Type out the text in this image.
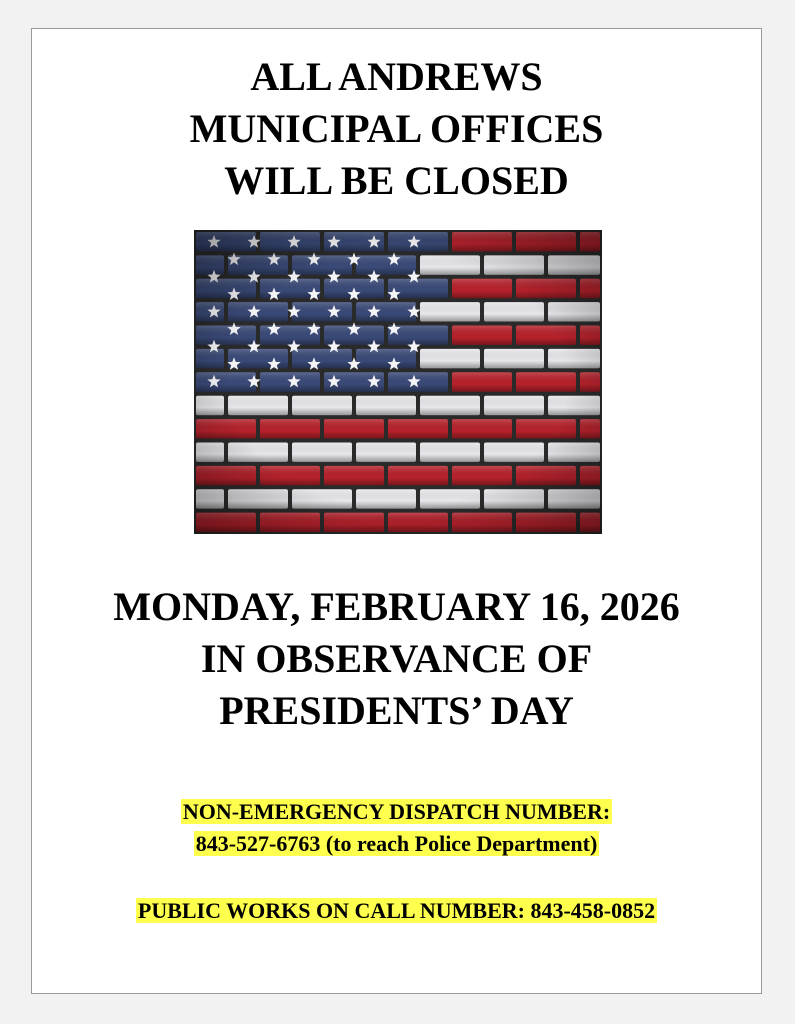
ALL ANDREWS
MUNICIPAL OFFICES
WILL BE CLOSED
MONDAY, FEBRUARY 16, 2026
IN OBSERVANCE OF
PRESIDENTS’ DAY
NON-EMERGENCY DISPATCH NUMBER:
843-527-6763 (to reach Police Department)
PUBLIC WORKS ON CALL NUMBER: 843-458-0852
